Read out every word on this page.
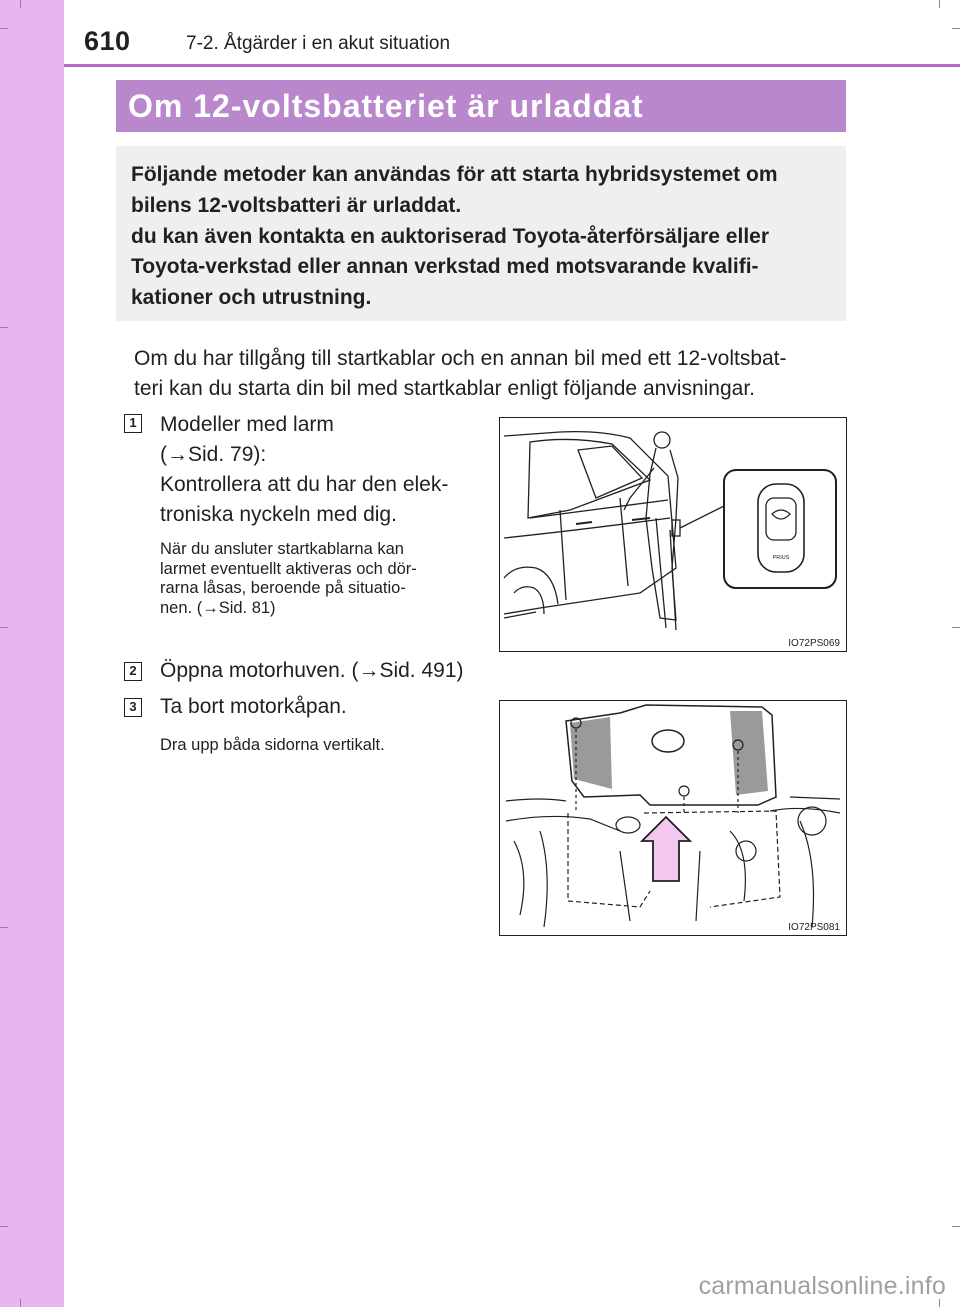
610	7-2. Åtgärder i en akut situation
Om 12-voltsbatteriet är urladdat
Följande metoder kan användas för att starta hybridsystemet om
bilens 12-voltsbatteri är urladdat.
du kan även kontakta en auktoriserad Toyota-återförsäljare eller
Toyota-verkstad eller annan verkstad med motsvarande kvalifi-
kationer och utrustning.
Om du har tillgång till startkablar och en annan bil med ett 12-voltsbat-
teri kan du starta din bil med startkablar enligt följande anvisningar.
1 Modeller med larm
(→Sid. 79):
Kontrollera att du har den elek-
troniska nyckeln med dig.
När du ansluter startkablarna kan
larmet eventuellt aktiveras och dör-
rarna låsas, beroende på situatio-
nen. (→Sid. 81)
PRIUS
IO72PS069
2 Öppna motorhuven. (→Sid. 491)
3 Ta bort motorkåpan.
Dra upp båda sidorna vertikalt.
IO72PS081
carmanualsonline.info
